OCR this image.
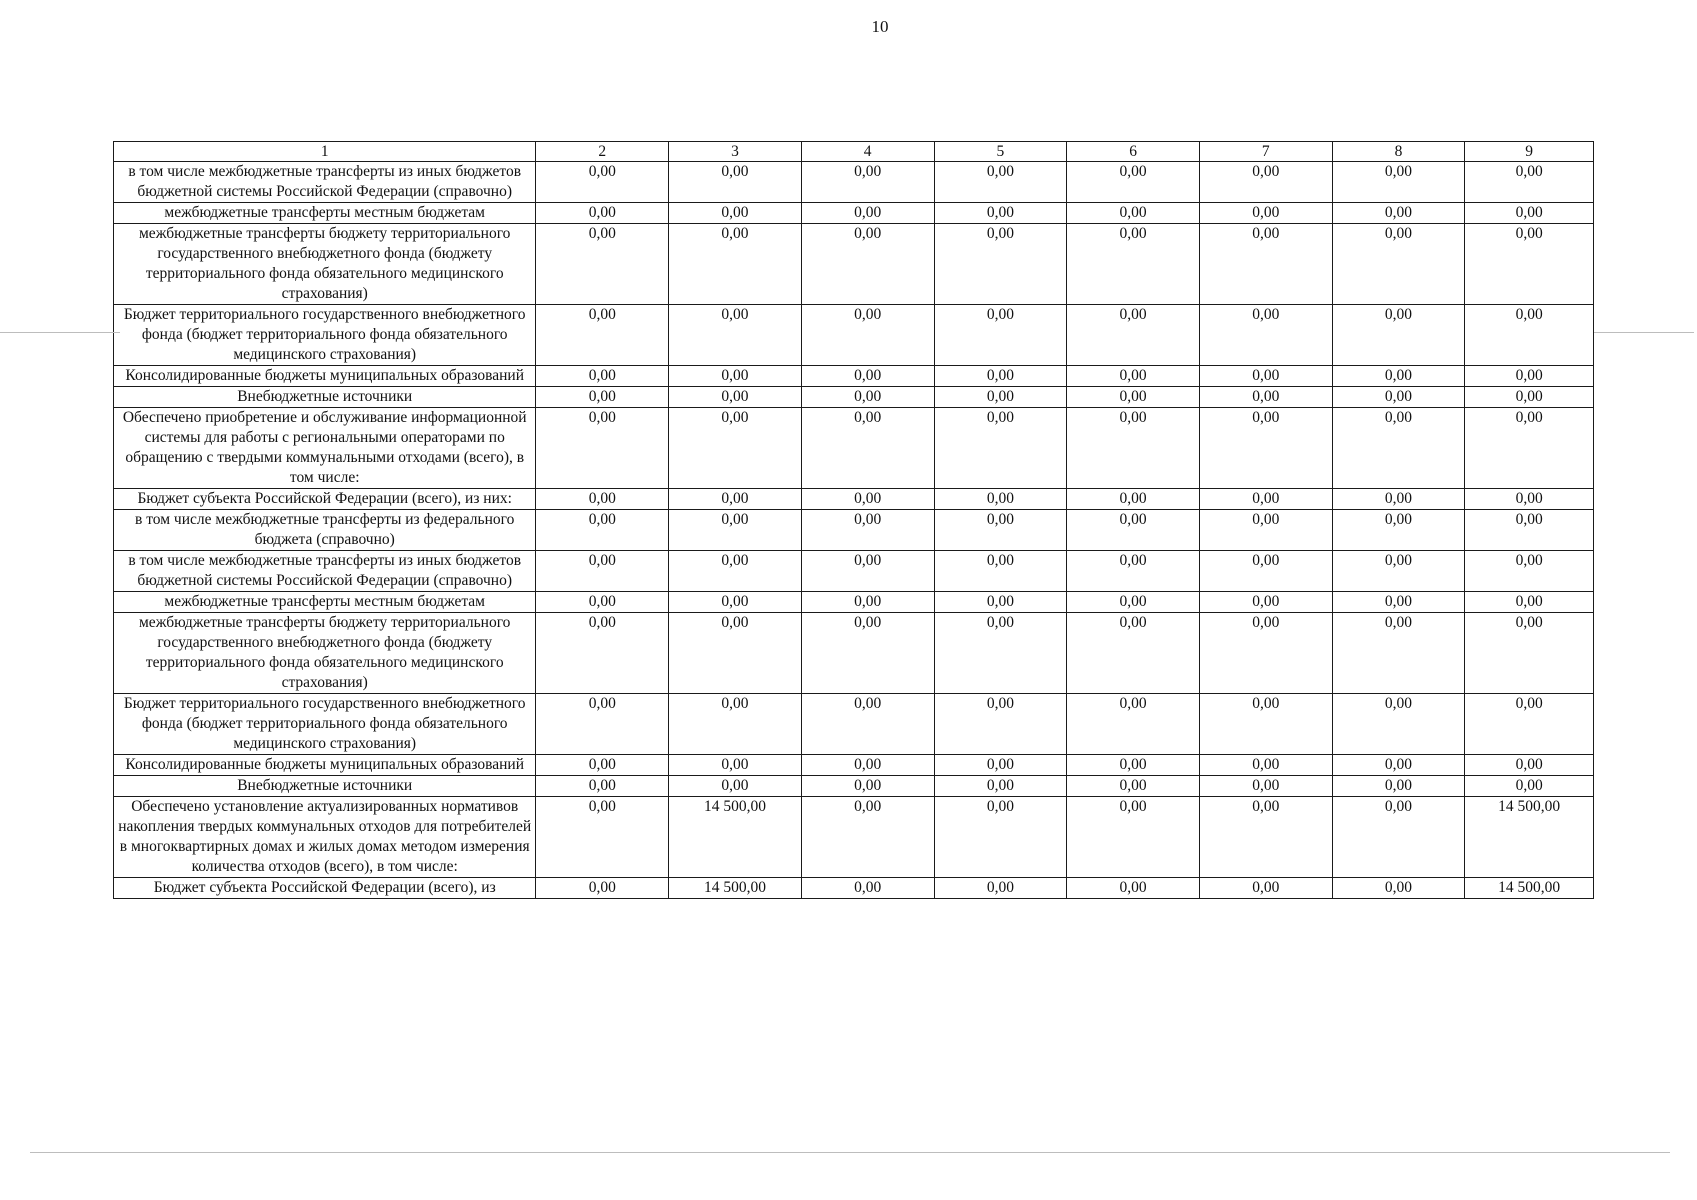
10
1	2	3	4	5	6	7	8	9
в том числе межбюджетные трансферты из иных бюджетов бюджетной системы Российской Федерации (справочно)	0,00	0,00	0,00	0,00	0,00	0,00	0,00	0,00
межбюджетные трансферты местным бюджетам	0,00	0,00	0,00	0,00	0,00	0,00	0,00	0,00
межбюджетные трансферты бюджету территориального государственного внебюджетного фонда (бюджету территориального фонда обязательного медицинского страхования)	0,00	0,00	0,00	0,00	0,00	0,00	0,00	0,00
Бюджет территориального государственного внебюджетного фонда (бюджет территориального фонда обязательного медицинского страхования)	0,00	0,00	0,00	0,00	0,00	0,00	0,00	0,00
Консолидированные бюджеты муниципальных образований	0,00	0,00	0,00	0,00	0,00	0,00	0,00	0,00
Внебюджетные источники	0,00	0,00	0,00	0,00	0,00	0,00	0,00	0,00
Обеспечено приобретение и обслуживание информационной системы для работы с региональными операторами по обращению с твердыми коммунальными отходами (всего), в том числе:	0,00	0,00	0,00	0,00	0,00	0,00	0,00	0,00
Бюджет субъекта Российской Федерации (всего), из них:	0,00	0,00	0,00	0,00	0,00	0,00	0,00	0,00
в том числе межбюджетные трансферты из федерального бюджета (справочно)	0,00	0,00	0,00	0,00	0,00	0,00	0,00	0,00
в том числе межбюджетные трансферты из иных бюджетов бюджетной системы Российской Федерации (справочно)	0,00	0,00	0,00	0,00	0,00	0,00	0,00	0,00
межбюджетные трансферты местным бюджетам	0,00	0,00	0,00	0,00	0,00	0,00	0,00	0,00
межбюджетные трансферты бюджету территориального государственного внебюджетного фонда (бюджету территориального фонда обязательного медицинского страхования)	0,00	0,00	0,00	0,00	0,00	0,00	0,00	0,00
Бюджет территориального государственного внебюджетного фонда (бюджет территориального фонда обязательного медицинского страхования)	0,00	0,00	0,00	0,00	0,00	0,00	0,00	0,00
Консолидированные бюджеты муниципальных образований	0,00	0,00	0,00	0,00	0,00	0,00	0,00	0,00
Внебюджетные источники	0,00	0,00	0,00	0,00	0,00	0,00	0,00	0,00
Обеспечено установление актуализированных нормативов накопления твердых коммунальных отходов для потребителей в многоквартирных домах и жилых домах методом измерения количества отходов (всего), в том числе:	0,00	14 500,00	0,00	0,00	0,00	0,00	0,00	14 500,00
Бюджет субъекта Российской Федерации (всего), из	0,00	14 500,00	0,00	0,00	0,00	0,00	0,00	14 500,00
